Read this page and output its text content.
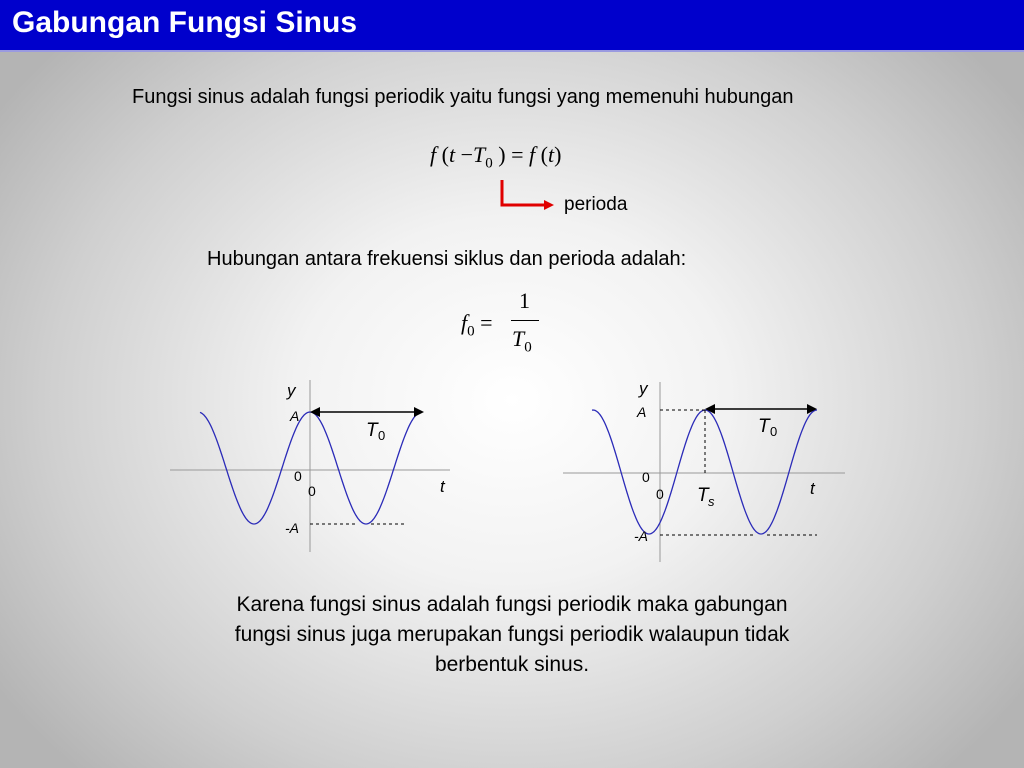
Gabungan Fungsi Sinus
Fungsi sinus adalah fungsi periodik yaitu fungsi yang memenuhi hubungan
f ($t -T_0$ ) = f (t)
perioda
Hubungan antara frekuensi siklus dan perioda adalah:
$f_0$ =
1
$T_0$
y
t
A
-A
0
0
T 0
y
t
A
-A
0
0
T 0
T s
Karena fungsi sinus adalah fungsi periodik maka gabungan fungsi sinus juga merupakan fungsi periodik walaupun tidak berbentuk sinus.
